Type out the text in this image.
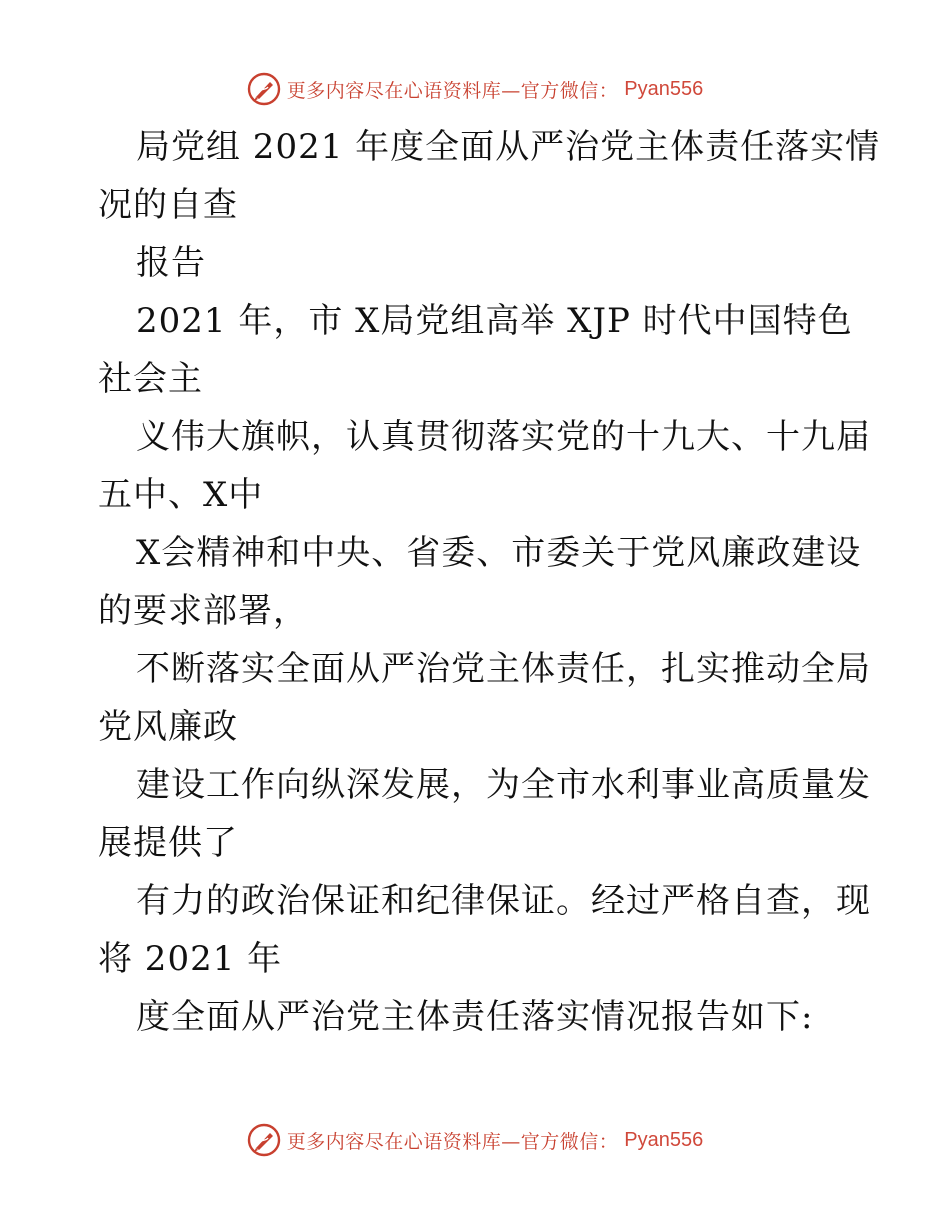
更多内容尽在心语资料库—官方微信： Pyan556

局党组 2021 年度全面从严治党主体责任落实情
况的自查

报告

2021 年，市 X局党组高举 XJP 时代中国特色
社会主

义伟大旗帜，认真贯彻落实党的十九大、十九届
五中、X中

X会精神和中央、省委、市委关于党风廉政建设
的要求部署，

不断落实全面从严治党主体责任，扎实推动全局
党风廉政

建设工作向纵深发展，为全市水利事业高质量发
展提供了

有力的政治保证和纪律保证。经过严格自查，现
将 2021 年

度全面从严治党主体责任落实情况报告如下:

更多内容尽在心语资料库—官方微信： Pyan556
